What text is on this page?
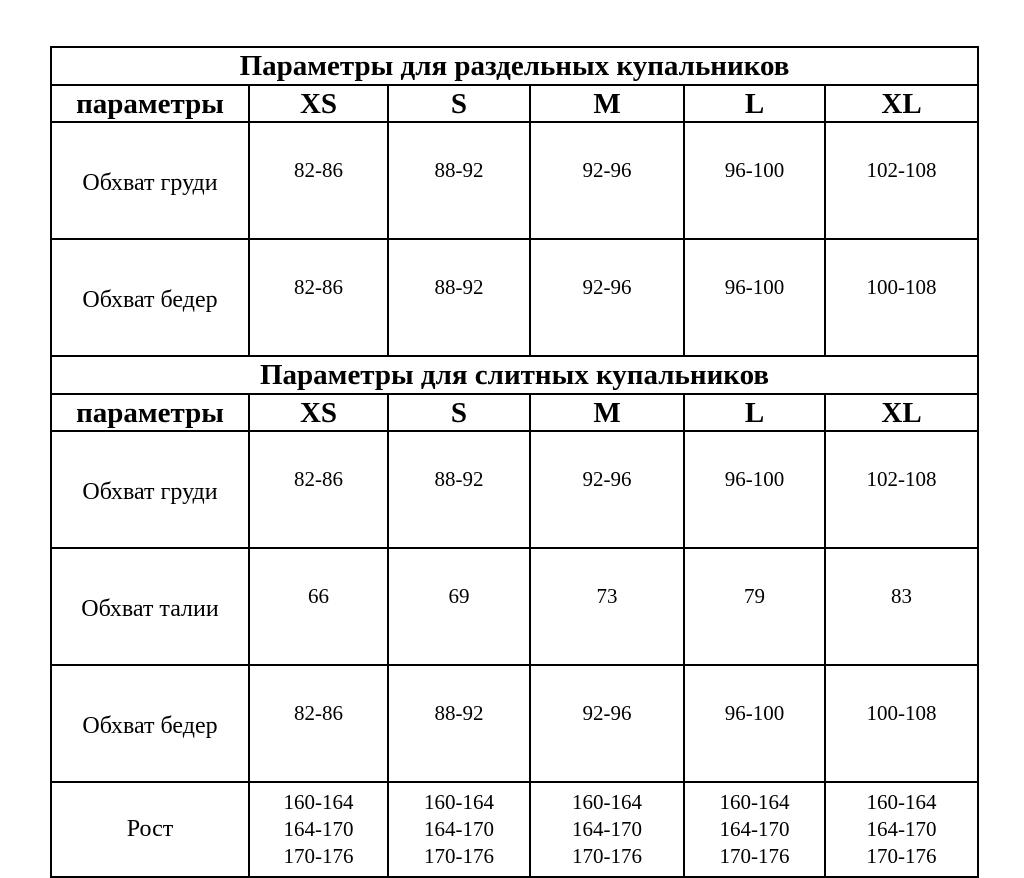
Параметры для раздельных купальников					
параметры	XS	S	M	L	XL
Обхват груди	82-86	88-92	92-96	96-100	102-108
Обхват бедер	82-86	88-92	92-96	96-100	100-108
Параметры для слитных купальников					
параметры	XS	S	M	L	XL
Обхват груди	82-86	88-92	92-96	96-100	102-108
Обхват талии	66	69	73	79	83
Обхват бедер	82-86	88-92	92-96	96-100	100-108
Рост	160-164
164-170
170-176	160-164
164-170
170-176	160-164
164-170
170-176	160-164
164-170
170-176	160-164
164-170
170-176
